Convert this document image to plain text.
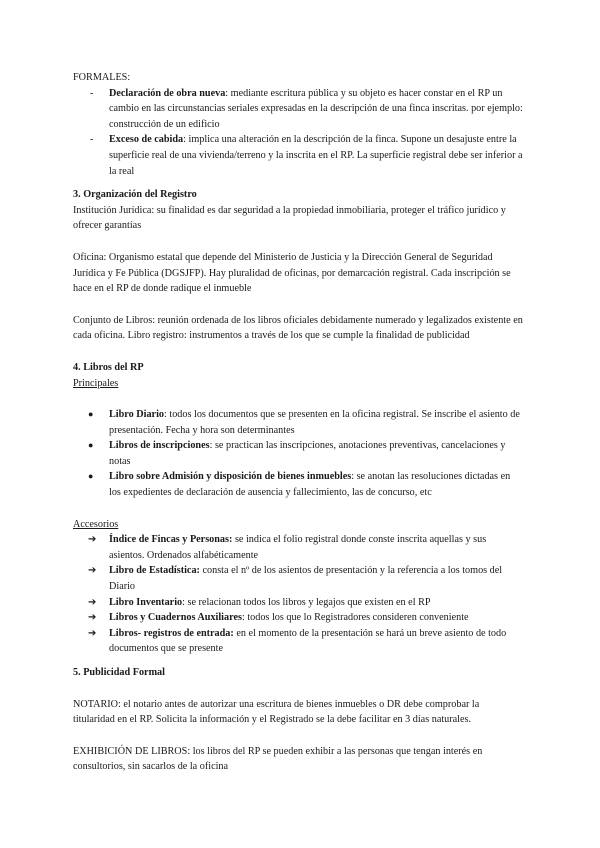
FORMALES:

- Declaración de obra nueva: mediante escritura pública y su objeto es hacer constar en el RP un cambio en las circunstancias seriales expresadas en la descripción de una finca inscritas. por ejemplo: construcción de un edificio
- Exceso de cabida: implica una alteración en la descripción de la finca. Supone un desajuste entre la superficie real de una vivienda/terreno y la inscrita en el RP. La superficie registral debe ser inferior a la real

3. Organización del Registro

Institución Jurídica: su finalidad es dar seguridad a la propiedad inmobiliaria, proteger el tráfico jurídico y ofrecer garantías

Oficina: Organismo estatal que depende del Ministerio de Justicia y la Dirección General de Seguridad Jurídica y Fe Pública (DGSJFP). Hay pluralidad de oficinas, por demarcación registral. Cada inscripción se hace en el RP de donde radique el inmueble

Conjunto de Libros: reunión ordenada de los libros oficiales debidamente numerado y legalizados existente en cada oficina. Libro registro: instrumentos a través de los que se cumple la finalidad de publicidad

4. Libros del RP

Principales

● Libro Diario: todos los documentos que se presenten en la oficina registral. Se inscribe el asiento de presentación. Fecha y hora son determinantes
● Libros de inscripciones: se practican las inscripciones, anotaciones preventivas, cancelaciones y notas
● Libro sobre Admisión y disposición de bienes inmuebles: se anotan las resoluciones dictadas en los expedientes de declaración de ausencia y fallecimiento, las de concurso, etc

Accesorios

➔ Índice de Fincas y Personas: se indica el folio registral donde conste inscrita aquellas y sus asientos. Ordenados alfabéticamente
➔ Libro de Estadística: consta el nº de los asientos de presentación y la referencia a los tomos del Diario
➔ Libro Inventario: se relacionan todos los libros y legajos que existen en el RP
➔ Libros y Cuadernos Auxiliares: todos los que lo Registradores consideren conveniente
➔ Libros- registros de entrada: en el momento de la presentación se hará un breve asiento de todo documentos que se presente

5. Publicidad Formal

NOTARIO: el notario antes de autorizar una escritura de bienes inmuebles o DR debe comprobar la titularidad en el RP. Solicita la información y el Registrado se la debe facilitar en 3 días naturales.

EXHIBICIÓN DE LIBROS: los libros del RP se pueden exhibir a las personas que tengan interés en consultorios, sin sacarlos de la oficina
